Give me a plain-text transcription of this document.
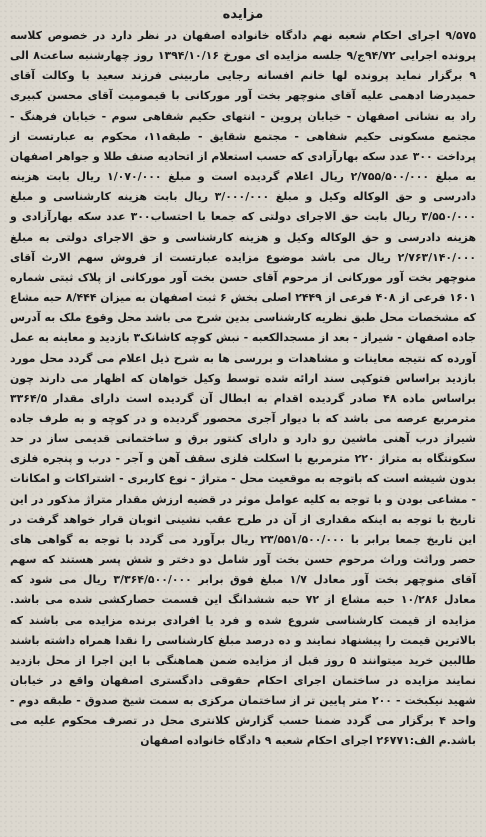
مزایده

۹/۵۷۵ اجرای احکام شعبه نهم دادگاه خانواده اصفهان در نظر دارد در خصوص کلاسه پرونده اجرایی ۹۴/۷۲ج/۹ جلسه مزایده ای مورخ ۱۳۹۴/۱۰/۱۶ روز چهارشنبه ساعت۸ الی ۹ برگزار نماید پرونده لها خانم افسانه رجایی ماربینی فرزند سعید با وکالت آقای حمیدرضا ادهمی علیه آقای منوچهر بخت آور مورکانی با قیمومیت آقای محسن کبیری راد به نشانی اصفهان - خیابان پروین - انتهای حکیم شفاهی سوم - خیابان فرهنگ - مجتمع مسکونی حکیم شفاهی - مجتمع شقایق - طبقه۱۱، محکوم به عبارتست از پرداخت ۳۰۰ عدد سکه بهارآزادی که حسب استعلام از اتحادیه صنف طلا و جواهر اصفهان به مبلغ ۲/۷۵۵/۵۰۰/۰۰۰ ریال اعلام گردیده است و مبلغ ۱/۰۷۰/۰۰۰ ریال بابت هزینه دادرسی و حق الوکاله وکیل و مبلغ ۳/۰۰۰/۰۰۰ ریال بابت هزینه کارشناسی و مبلغ ۳/۵۵۰/۰۰۰ ریال بابت حق الاجرای دولتی که جمعا با احتساب۳۰۰ عدد سکه بهارآزادی و هزینه دادرسی و حق الوکاله وکیل و هزینه کارشناسی و حق الاجرای دولتی به مبلغ ۲/۷۶۳/۱۴۰/۰۰۰ ریال می باشد موضوع مزایده عبارتست از فروش سهم الارث آقای منوچهر بخت آور مورکانی از مرحوم آقای حسن بخت آور مورکانی از پلاک ثبتی شماره ۱۶۰۱ فرعی از ۴۰۸ فرعی از ۲۴۴۹ اصلی بخش ۶ ثبت اصفهان به میزان ۸/۴۴۴ حبه مشاع که مشخصات محل طبق نظریه کارشناسی بدین شرح می باشد محل وقوع ملک به آدرس جاده اصفهان - شیراز - بعد از مسجدالکعبه - نبش کوچه کاشانک۳ بازدید و معاینه به عمل آورده که نتیجه معاینات و مشاهدات و بررسی ها به شرح ذیل اعلام می گردد محل مورد بازدید براساس فتوکپی سند ارائه شده توسط وکیل خواهان که اظهار می دارند چون براساس ماده ۴۸ صادر گردیده اقدام به ابطال آن گردیده است دارای مقدار ۳۳۶۴/۵ مترمربع عرصه می باشد که با دیوار آجری محصور گردیده و در کوچه و به طرف جاده شیراز درب آهنی ماشین رو دارد و دارای کنتور برق و ساختمانی قدیمی ساز در حد سکونتگاه به متراژ ۲۲۰ مترمربع با اسکلت فلزی سقف آهن و آجر - درب و پنجره فلزی بدون شیشه است که باتوجه به موقعیت محل - متراژ - نوع کاربری - اشتراکات و امکانات - مشاعی بودن و با توجه به کلیه عوامل موثر در قضیه ارزش مقدار متراژ مذکور در این تاریخ با توجه به اینکه مقداری از آن در طرح عقب نشینی اتوبان قرار خواهد گرفت در این تاریخ جمعا برابر با ۲۳/۵۵۱/۵۰۰/۰۰۰ ریال برآورد می گردد با توجه به گواهی های حصر وراثت وراث مرحوم حسن بخت آور شامل دو دختر و شش پسر هستند که سهم آقای منوچهر بخت آور معادل ۱/۷ مبلغ فوق برابر ۳/۳۶۴/۵۰۰/۰۰۰ ریال می شود که معادل ۱۰/۲۸۶ حبه مشاع از ۷۲ حبه ششدانگ این قسمت حصارکشی شده می باشد. مزایده از قیمت کارشناسی شروع شده و فرد یا افرادی برنده مزایده می باشند که بالاترین قیمت را پیشنهاد نمایند و ده درصد مبلغ کارشناسی را نقدا همراه داشته باشند طالبین خرید میتوانند ۵ روز قبل از مزایده ضمن هماهنگی با این اجرا از محل بازدید نمایند مزایده در ساختمان اجرای احکام حقوقی دادگستری اصفهان واقع در خیابان شهید نیکبخت - ۲۰۰ متر پایین تر از ساختمان مرکزی به سمت شیخ صدوق - طبقه دوم - واحد ۴ برگزار می گردد ضمنا حسب گزارش کلانتری محل در تصرف محکوم علیه می باشد.م الف:۲۶۷۷۱ اجرای احکام شعبه ۹ دادگاه خانواده اصفهان
